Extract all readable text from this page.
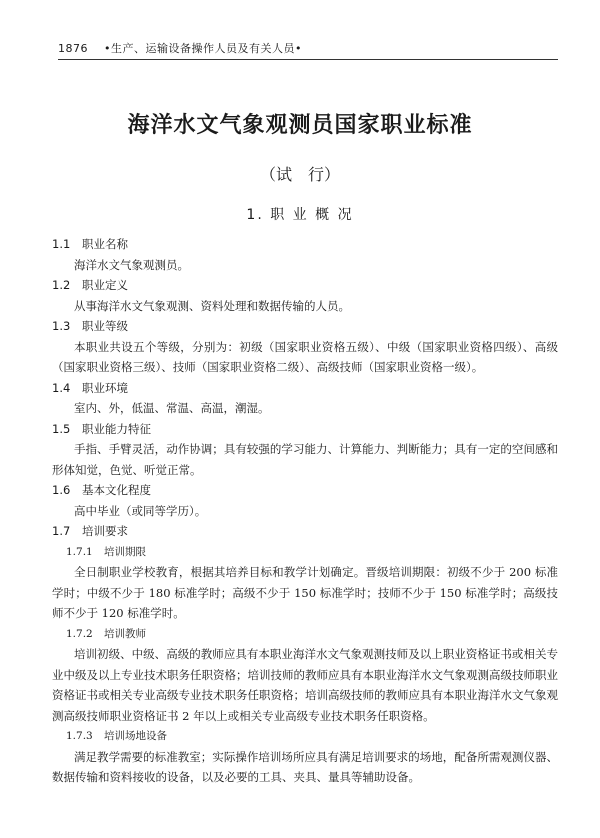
1876 •生产、运输设备操作人员及有关人员•
海洋水文气象观测员国家职业标准
（试　行）
1. 职 业 概 况
1.1 职业名称
海洋水文气象观测员。
1.2 职业定义
从事海洋水文气象观测、资料处理和数据传输的人员。
1.3 职业等级
本职业共设五个等级，分别为：初级（国家职业资格五级）、中级（国家职业资格四级）、高级（国家职业资格三级）、技师（国家职业资格二级）、高级技师（国家职业资格一级）。
1.4 职业环境
室内、外，低温、常温、高温，潮湿。
1.5 职业能力特征
手指、手臂灵活，动作协调；具有较强的学习能力、计算能力、判断能力；具有一定的空间感和形体知觉，色觉、听觉正常。
1.6 基本文化程度
高中毕业（或同等学历）。
1.7 培训要求
1.7.1 培训期限
全日制职业学校教育，根据其培养目标和教学计划确定。晋级培训期限：初级不少于 200 标准学时；中级不少于 180 标准学时；高级不少于 150 标准学时；技师不少于 150 标准学时；高级技师不少于 120 标准学时。
1.7.2 培训教师
培训初级、中级、高级的教师应具有本职业海洋水文气象观测技师及以上职业资格证书或相关专业中级及以上专业技术职务任职资格；培训技师的教师应具有本职业海洋水文气象观测高级技师职业资格证书或相关专业高级专业技术职务任职资格；培训高级技师的教师应具有本职业海洋水文气象观测高级技师职业资格证书 2 年以上或相关专业高级专业技术职务任职资格。
1.7.3 培训场地设备
满足教学需要的标准教室；实际操作培训场所应具有满足培训要求的场地，配备所需观测仪器、数据传输和资料接收的设备，以及必要的工具、夹具、量具等辅助设备。
